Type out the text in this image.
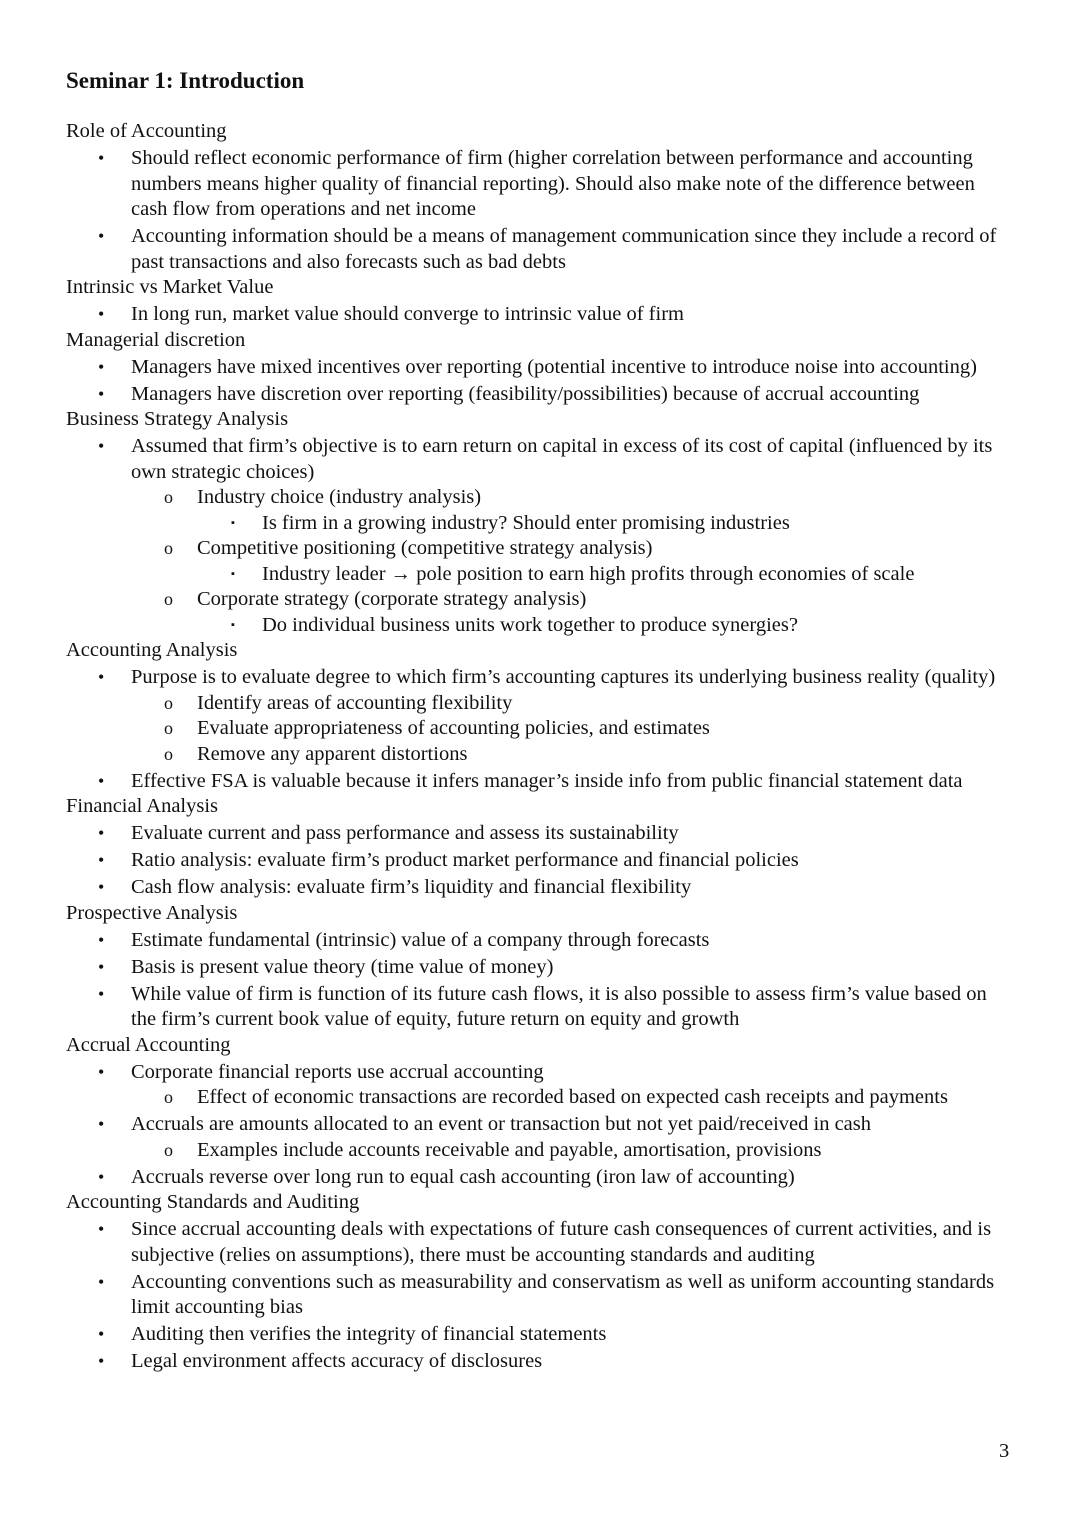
Seminar 1: Introduction
Role of Accounting
• Should reflect economic performance of firm (higher correlation between performance and accounting numbers means higher quality of financial reporting). Should also make note of the difference between cash flow from operations and net income
• Accounting information should be a means of management communication since they include a record of past transactions and also forecasts such as bad debts
Intrinsic vs Market Value
• In long run, market value should converge to intrinsic value of firm
Managerial discretion
• Managers have mixed incentives over reporting (potential incentive to introduce noise into accounting)
• Managers have discretion over reporting (feasibility/possibilities) because of accrual accounting
Business Strategy Analysis
• Assumed that firm’s objective is to earn return on capital in excess of its cost of capital (influenced by its own strategic choices)
o Industry choice (industry analysis)
▪ Is firm in a growing industry? Should enter promising industries
o Competitive positioning (competitive strategy analysis)
▪ Industry leader → pole position to earn high profits through economies of scale
o Corporate strategy (corporate strategy analysis)
▪ Do individual business units work together to produce synergies?
Accounting Analysis
• Purpose is to evaluate degree to which firm’s accounting captures its underlying business reality (quality)
o Identify areas of accounting flexibility
o Evaluate appropriateness of accounting policies, and estimates
o Remove any apparent distortions
• Effective FSA is valuable because it infers manager’s inside info from public financial statement data
Financial Analysis
• Evaluate current and pass performance and assess its sustainability
• Ratio analysis: evaluate firm’s product market performance and financial policies
• Cash flow analysis: evaluate firm’s liquidity and financial flexibility
Prospective Analysis
• Estimate fundamental (intrinsic) value of a company through forecasts
• Basis is present value theory (time value of money)
• While value of firm is function of its future cash flows, it is also possible to assess firm’s value based on the firm’s current book value of equity, future return on equity and growth
Accrual Accounting
• Corporate financial reports use accrual accounting
o Effect of economic transactions are recorded based on expected cash receipts and payments
• Accruals are amounts allocated to an event or transaction but not yet paid/received in cash
o Examples include accounts receivable and payable, amortisation, provisions
• Accruals reverse over long run to equal cash accounting (iron law of accounting)
Accounting Standards and Auditing
• Since accrual accounting deals with expectations of future cash consequences of current activities, and is subjective (relies on assumptions), there must be accounting standards and auditing
• Accounting conventions such as measurability and conservatism as well as uniform accounting standards limit accounting bias
• Auditing then verifies the integrity of financial statements
• Legal environment affects accuracy of disclosures
3
